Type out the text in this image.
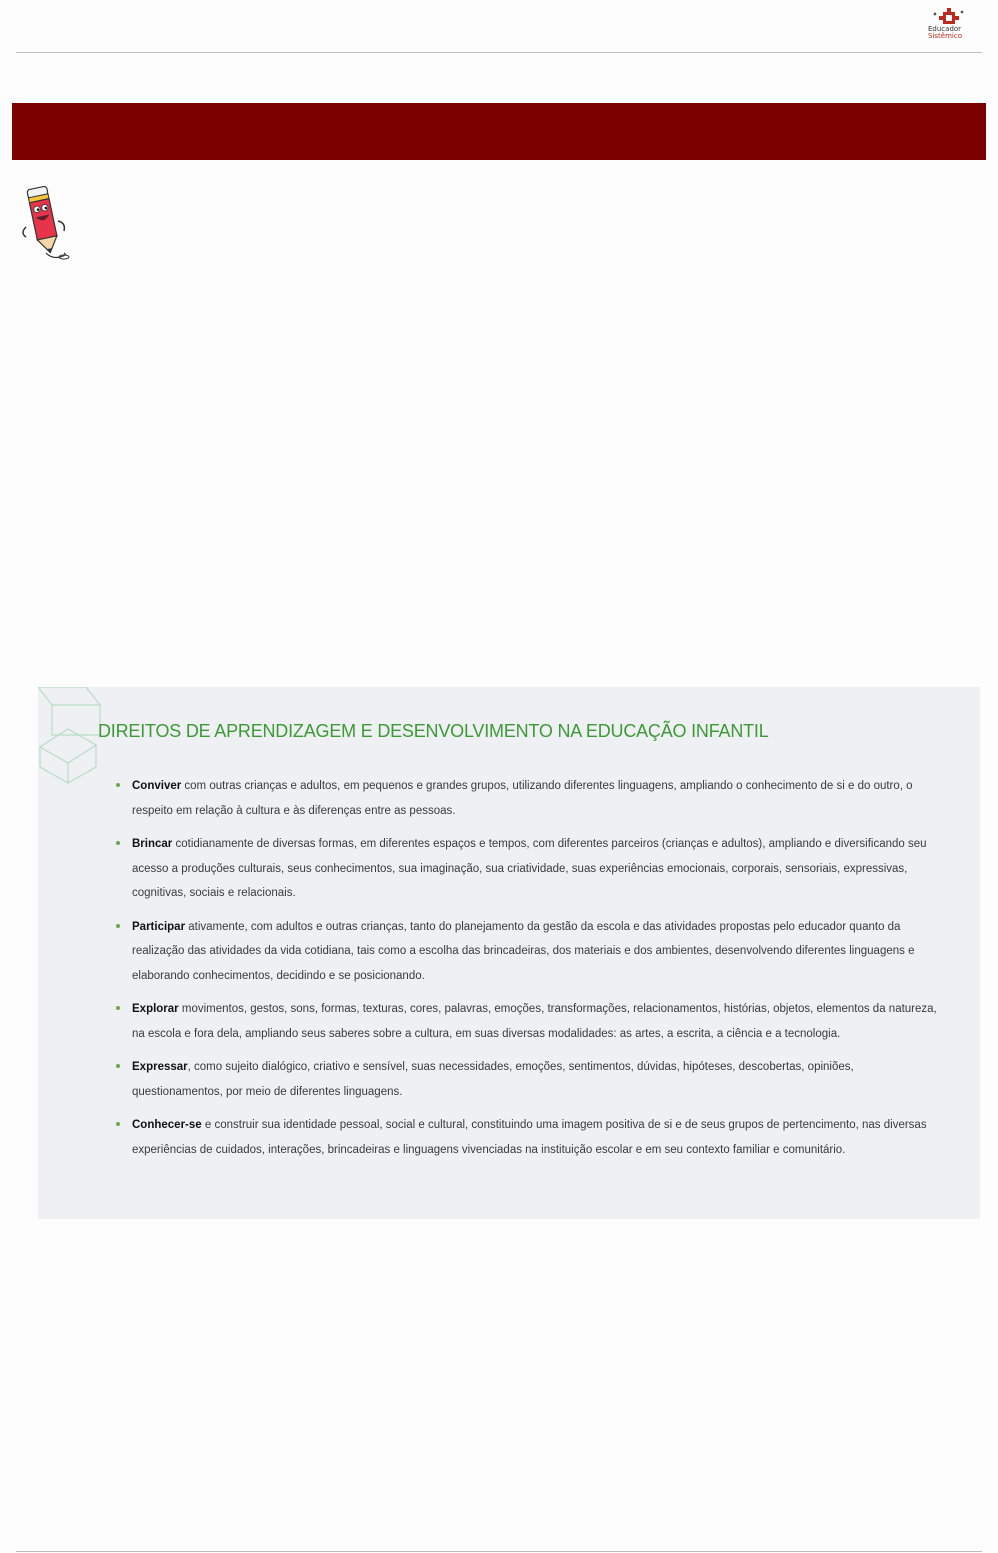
Educador
Sistêmico
DIREITOS DE APRENDIZAGEM E DESENVOLVIMENTO NA EDUCAÇÃO INFANTIL
Conviver com outras crianças e adultos, em pequenos e grandes grupos, utilizando diferentes linguagens, ampliando o conhecimento de si e do outro, o respeito em relação à cultura e às diferenças entre as pessoas.
Brincar cotidianamente de diversas formas, em diferentes espaços e tempos, com diferentes parceiros (crianças e adultos), ampliando e diversificando seu acesso a produções culturais, seus conhecimentos, sua imaginação, sua criatividade, suas experiências emocionais, corporais, sensoriais, expressivas, cognitivas, sociais e relacionais.
Participar ativamente, com adultos e outras crianças, tanto do planejamento da gestão da escola e das atividades propostas pelo educador quanto da realização das atividades da vida cotidiana, tais como a escolha das brincadeiras, dos materiais e dos ambientes, desenvolvendo diferentes linguagens e elaborando conhecimentos, decidindo e se posicionando.
Explorar movimentos, gestos, sons, formas, texturas, cores, palavras, emoções, transformações, relacionamentos, histórias, objetos, elementos da natureza, na escola e fora dela, ampliando seus saberes sobre a cultura, em suas diversas modalidades: as artes, a escrita, a ciência e a tecnologia.
Expressar, como sujeito dialógico, criativo e sensível, suas necessidades, emoções, sentimentos, dúvidas, hipóteses, descobertas, opiniões, questionamentos, por meio de diferentes linguagens.
Conhecer-se e construir sua identidade pessoal, social e cultural, constituindo uma imagem positiva de si e de seus grupos de pertencimento, nas diversas experiências de cuidados, interações, brincadeiras e linguagens vivenciadas na instituição escolar e em seu contexto familiar e comunitário.
